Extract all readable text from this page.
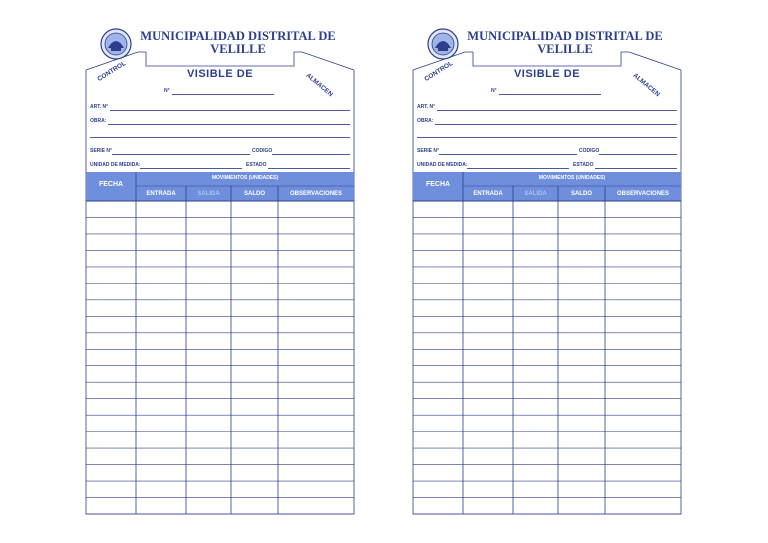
MUNICIPALIDAD DISTRITAL DE
VELILLE
VISIBLE DE
CONTROL
ALMACEN
N°
ART. N°
OBRA:
SERIE N°	CODIGO
UNIDAD DE MEDIDA:	ESTADO
FECHA
MOVIMIENTOS (UNIDADES)
ENTRADA	SALIDA	SALDO	OBSERVACIONES
MUNICIPALIDAD DISTRITAL DE
VELILLE
VISIBLE DE
CONTROL
ALMACEN
N°
ART. N°
OBRA:
SERIE N°	CODIGO
UNIDAD DE MEDIDA:	ESTADO
FECHA
MOVIMIENTOS (UNIDADES)
ENTRADA	SALIDA	SALDO	OBSERVACIONES
